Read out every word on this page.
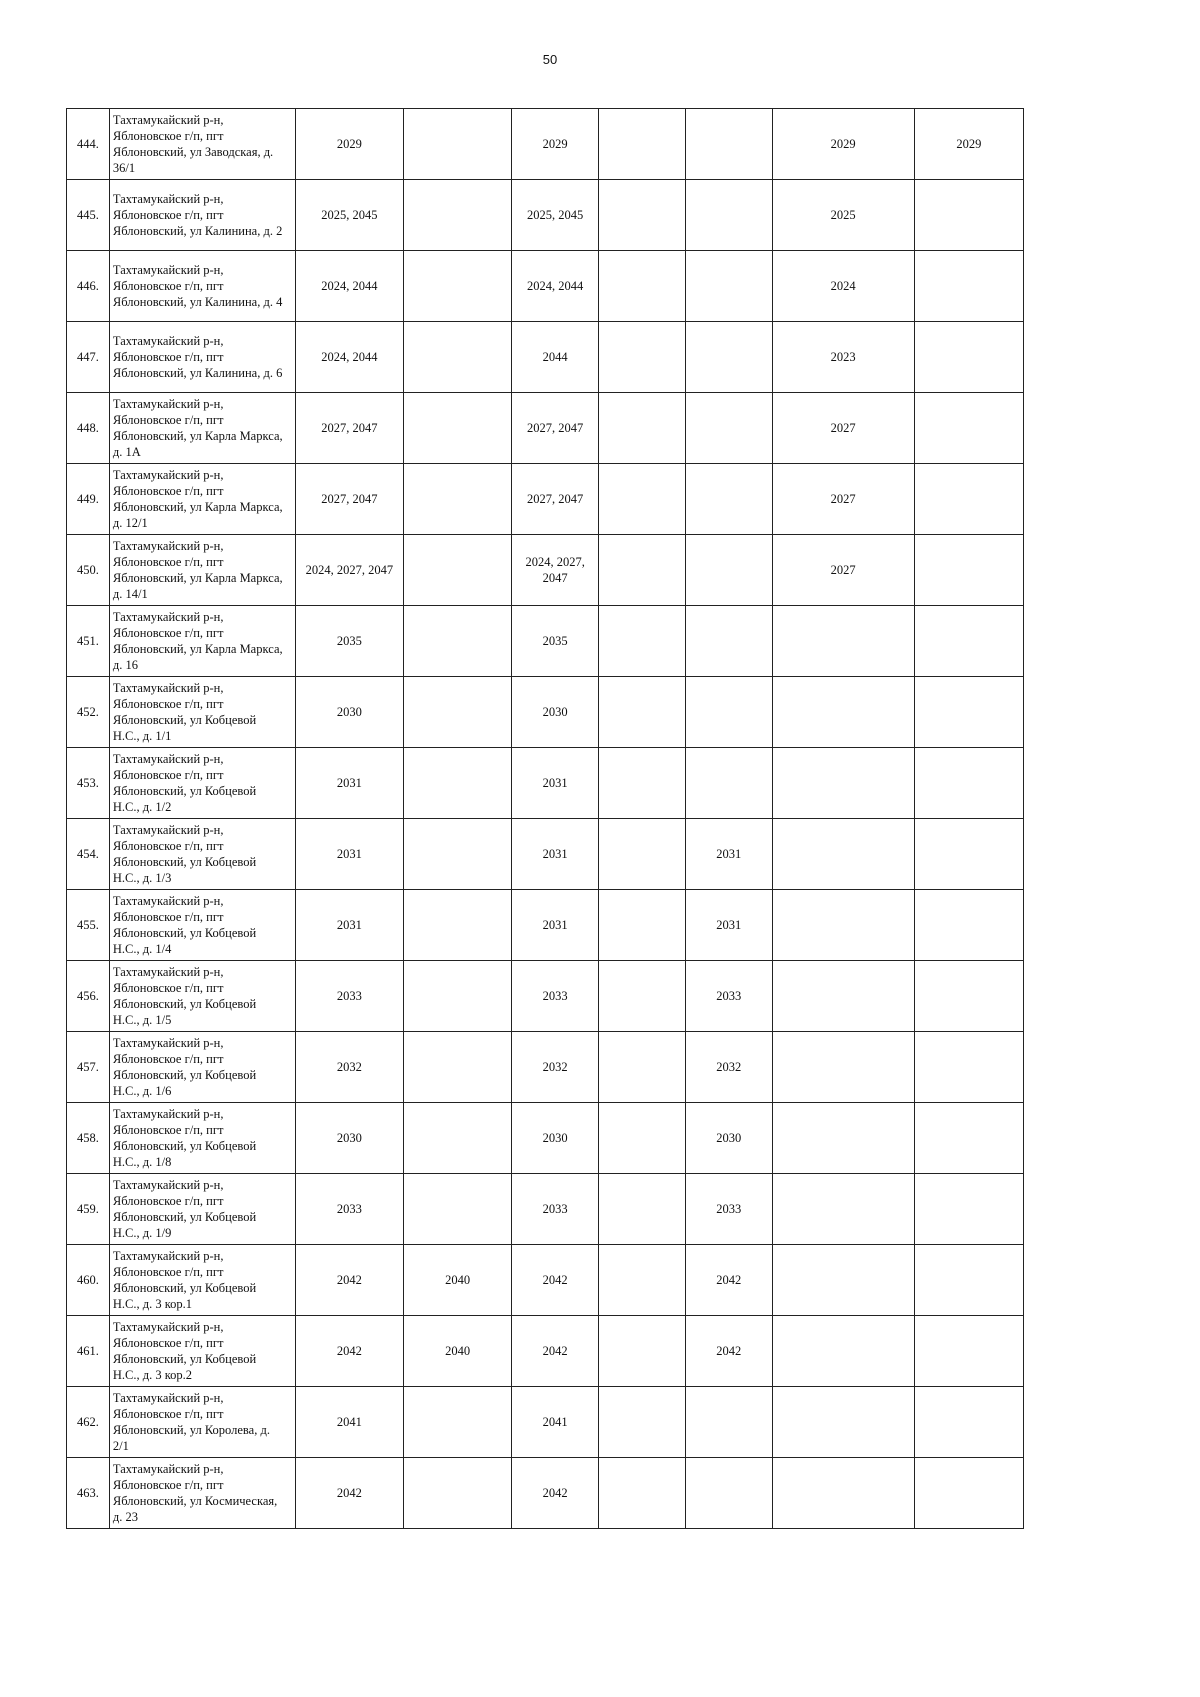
50
444.	Тахтамукайский р-н,
Яблоновское г/п, пгт
Яблоновский, ул Заводская, д.
36/1	2029		2029			2029	2029
445.	Тахтамукайский р-н,
Яблоновское г/п, пгт
Яблоновский, ул Калинина, д. 2	2025, 2045		2025, 2045			2025	
446.	Тахтамукайский р-н,
Яблоновское г/п, пгт
Яблоновский, ул Калинина, д. 4	2024, 2044		2024, 2044			2024	
447.	Тахтамукайский р-н,
Яблоновское г/п, пгт
Яблоновский, ул Калинина, д. 6	2024, 2044		2044			2023	
448.	Тахтамукайский р-н,
Яблоновское г/п, пгт
Яблоновский, ул Карла Маркса,
д. 1А	2027, 2047		2027, 2047			2027	
449.	Тахтамукайский р-н,
Яблоновское г/п, пгт
Яблоновский, ул Карла Маркса,
д. 12/1	2027, 2047		2027, 2047			2027	
450.	Тахтамукайский р-н,
Яблоновское г/п, пгт
Яблоновский, ул Карла Маркса,
д. 14/1	2024, 2027, 2047		2024, 2027, 2047			2027	
451.	Тахтамукайский р-н,
Яблоновское г/п, пгт
Яблоновский, ул Карла Маркса,
д. 16	2035		2035				
452.	Тахтамукайский р-н,
Яблоновское г/п, пгт
Яблоновский, ул Кобцевой
Н.С., д. 1/1	2030		2030				
453.	Тахтамукайский р-н,
Яблоновское г/п, пгт
Яблоновский, ул Кобцевой
Н.С., д. 1/2	2031		2031				
454.	Тахтамукайский р-н,
Яблоновское г/п, пгт
Яблоновский, ул Кобцевой
Н.С., д. 1/3	2031		2031		2031		
455.	Тахтамукайский р-н,
Яблоновское г/п, пгт
Яблоновский, ул Кобцевой
Н.С., д. 1/4	2031		2031		2031		
456.	Тахтамукайский р-н,
Яблоновское г/п, пгт
Яблоновский, ул Кобцевой
Н.С., д. 1/5	2033		2033		2033		
457.	Тахтамукайский р-н,
Яблоновское г/п, пгт
Яблоновский, ул Кобцевой
Н.С., д. 1/6	2032		2032		2032		
458.	Тахтамукайский р-н,
Яблоновское г/п, пгт
Яблоновский, ул Кобцевой
Н.С., д. 1/8	2030		2030		2030		
459.	Тахтамукайский р-н,
Яблоновское г/п, пгт
Яблоновский, ул Кобцевой
Н.С., д. 1/9	2033		2033		2033		
460.	Тахтамукайский р-н,
Яблоновское г/п, пгт
Яблоновский, ул Кобцевой
Н.С., д. 3 кор.1	2042	2040	2042		2042		
461.	Тахтамукайский р-н,
Яблоновское г/п, пгт
Яблоновский, ул Кобцевой
Н.С., д. 3 кор.2	2042	2040	2042		2042		
462.	Тахтамукайский р-н,
Яблоновское г/п, пгт
Яблоновский, ул Королева, д.
2/1	2041		2041				
463.	Тахтамукайский р-н,
Яблоновское г/п, пгт
Яблоновский, ул Космическая,
д. 23	2042		2042				
